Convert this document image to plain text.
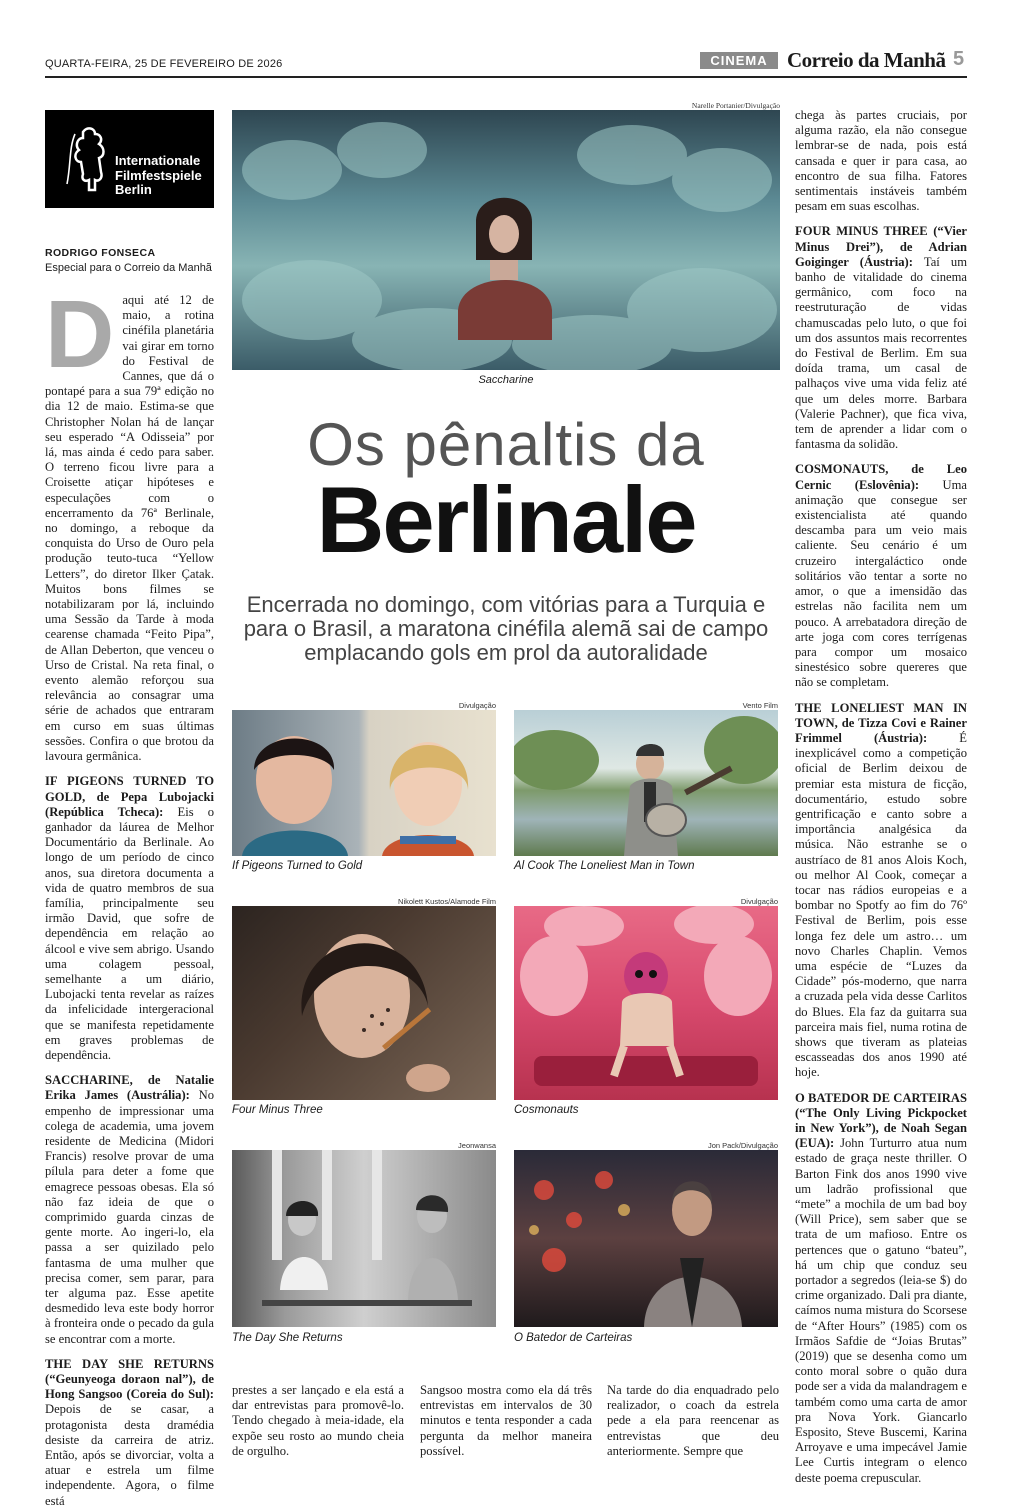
QUARTA-FEIRA, 25 DE FEVEREIRO DE 2026	CINEMA Correio da Manhã 5
Internationale
Filmfestspiele
Berlin
RODRIGO FONSECA
Especial para o Correio da Manhã

Daqui até 12 de maio, a rotina cinéfila planetária vai girar em torno do Festival de Cannes, que dá o pontapé para a sua 79ª edição no dia 12 de maio. Estima-se que Christopher Nolan há de lançar seu esperado “A Odisseia” por lá, mas ainda é cedo para saber. O terreno ficou livre para a Croisette atiçar hipóteses e especulações com o encerramento da 76ª Berlinale, no domingo, a reboque da conquista do Urso de Ouro pela produção teuto-tuca “Yellow Letters”, do diretor Ilker Çatak. Muitos bons filmes se notabilizaram por lá, incluindo uma Sessão da Tarde à moda cearense chamada “Feito Pipa”, de Allan Deberton, que venceu o Urso de Cristal. Na reta final, o evento alemão reforçou sua relevância ao consagrar uma série de achados que entraram em curso em suas últimas sessões. Confira o que brotou da lavoura germânica.

IF PIGEONS TURNED TO GOLD, de Pepa Lubojacki (República Tcheca): Eis o ganhador da láurea de Melhor Documentário da Berlinale. Ao longo de um período de cinco anos, sua diretora documenta a vida de quatro membros de sua família, principalmente seu irmão David, que sofre de dependência em relação ao álcool e vive sem abrigo. Usando uma colagem pessoal, semelhante a um diário, Lubojacki tenta revelar as raízes da infelicidade intergeracional que se manifesta repetidamente em graves problemas de dependência.

SACCHARINE, de Natalie Erika James (Austrália): No empenho de impressionar uma colega de academia, uma jovem residente de Medicina (Midori Francis) resolve provar de uma pílula para deter a fome que emagrece pessoas obesas. Ela só não faz ideia de que o comprimido guarda cinzas de gente morte. Ao ingeri-lo, ela passa a ser quizilado pelo fantasma de uma mulher que precisa comer, sem parar, para ter alguma paz. Esse apetite desmedido leva este body horror à fronteira onde o pecado da gula se encontrar com a morte.

THE DAY SHE RETURNS (“Geunyeoga doraon nal”), de Hong Sangsoo (Coreia do Sul): Depois de se casar, a protagonista desta dramédia desiste da carreira de atriz. Então, após se divorciar, volta a atuar e estrela um filme independente. Agora, o filme está

Narelle Portanier/Divulgação
Saccharine
Os pênaltis da
Berlinale
Encerrada no domingo, com vitórias para a Turquia e para o Brasil, a maratona cinéfila alemã sai de campo emplacando gols em prol da autoralidade
Divulgação
If Pigeons Turned to Gold
Vento Film
Al Cook The Loneliest Man in Town
Nikolett Kustos/Alamode Film
Four Minus Three
Divulgação
Cosmonauts
Jeonwansa
The Day She Returns
Jon Pack/Divulgação
O Batedor de Carteiras

prestes a ser lançado e ela está a dar entrevistas para promovê-lo. Tendo chegado à meia-idade, ela expõe seu rosto ao mundo cheia de orgulho.

Sangsoo mostra como ela dá três entrevistas em intervalos de 30 minutos e tenta responder a cada pergunta da melhor maneira possível.

Na tarde do dia enquadrado pelo realizador, o coach da estrela pede a ela para reencenar as entrevistas que deu anteriormente. Sempre que

chega às partes cruciais, por alguma razão, ela não consegue lembrar-se de nada, pois está cansada e quer ir para casa, ao encontro de sua filha. Fatores sentimentais instáveis também pesam em suas escolhas.

FOUR MINUS THREE (“Vier Minus Drei”), de Adrian Goiginger (Áustria): Taí um banho de vitalidade do cinema germânico, com foco na reestruturação de vidas chamuscadas pelo luto, o que foi um dos assuntos mais recorrentes do Festival de Berlim. Em sua doída trama, um casal de palhaços vive uma vida feliz até que um deles morre. Barbara (Valerie Pachner), que fica viva, tem de aprender a lidar com o fantasma da solidão.

COSMONAUTS, de Leo Cernic (Eslovênia): Uma animação que consegue ser existencialista até quando descamba para um veio mais caliente. Seu cenário é um cruzeiro intergaláctico onde solitários vão tentar a sorte no amor, o que a imensidão das estrelas não facilita nem um pouco. A arrebatadora direção de arte joga com cores terrígenas para compor um mosaico sinestésico sobre quereres que não se completam.

THE LONELIEST MAN IN TOWN, de Tizza Covi e Rainer Frimmel (Áustria):	É inexplicável como a competição oficial de Berlim deixou de premiar esta mistura de ficção, documentário, estudo sobre gentrificação e canto sobre a importância analgésica da música. Não estranhe se o austríaco de 81 anos Alois Koch, ou melhor Al Cook, começar a tocar nas rádios europeias e a bombar no Spotfy ao fim do 76º Festival de Berlim, pois esse longa fez dele um astro… um novo Charles Chaplin. Vemos uma espécie de “Luzes da Cidade” pós-moderno, que narra a cruzada pela vida desse Carlitos do Blues. Ela faz da guitarra sua parceira mais fiel, numa rotina de shows que tiveram as plateias escasseadas dos anos 1990 até hoje.

O BATEDOR DE CARTEIRAS (“The Only Living Pickpocket in New York”), de Noah Segan (EUA): John Turturro atua num estado de graça neste thriller. O Barton Fink dos anos 1990 vive um ladrão profissional que “mete” a mochila de um bad boy (Will Price), sem saber que se trata de um mafioso. Entre os pertences que o gatuno “bateu”, há um chip que conduz seu portador a segredos (leia-se $) do crime organizado. Dali pra diante, caímos numa mistura do Scorsese de “After Hours” (1985) com os Irmãos Safdie de “Joias Brutas” (2019) que se desenha como um conto moral sobre o quão dura pode ser a vida da malandragem e também como uma carta de amor pra Nova York. Giancarlo Esposito, Steve Buscemi, Karina Arroyave e uma impecável Jamie Lee Curtis integram o elenco deste poema crepuscular.
